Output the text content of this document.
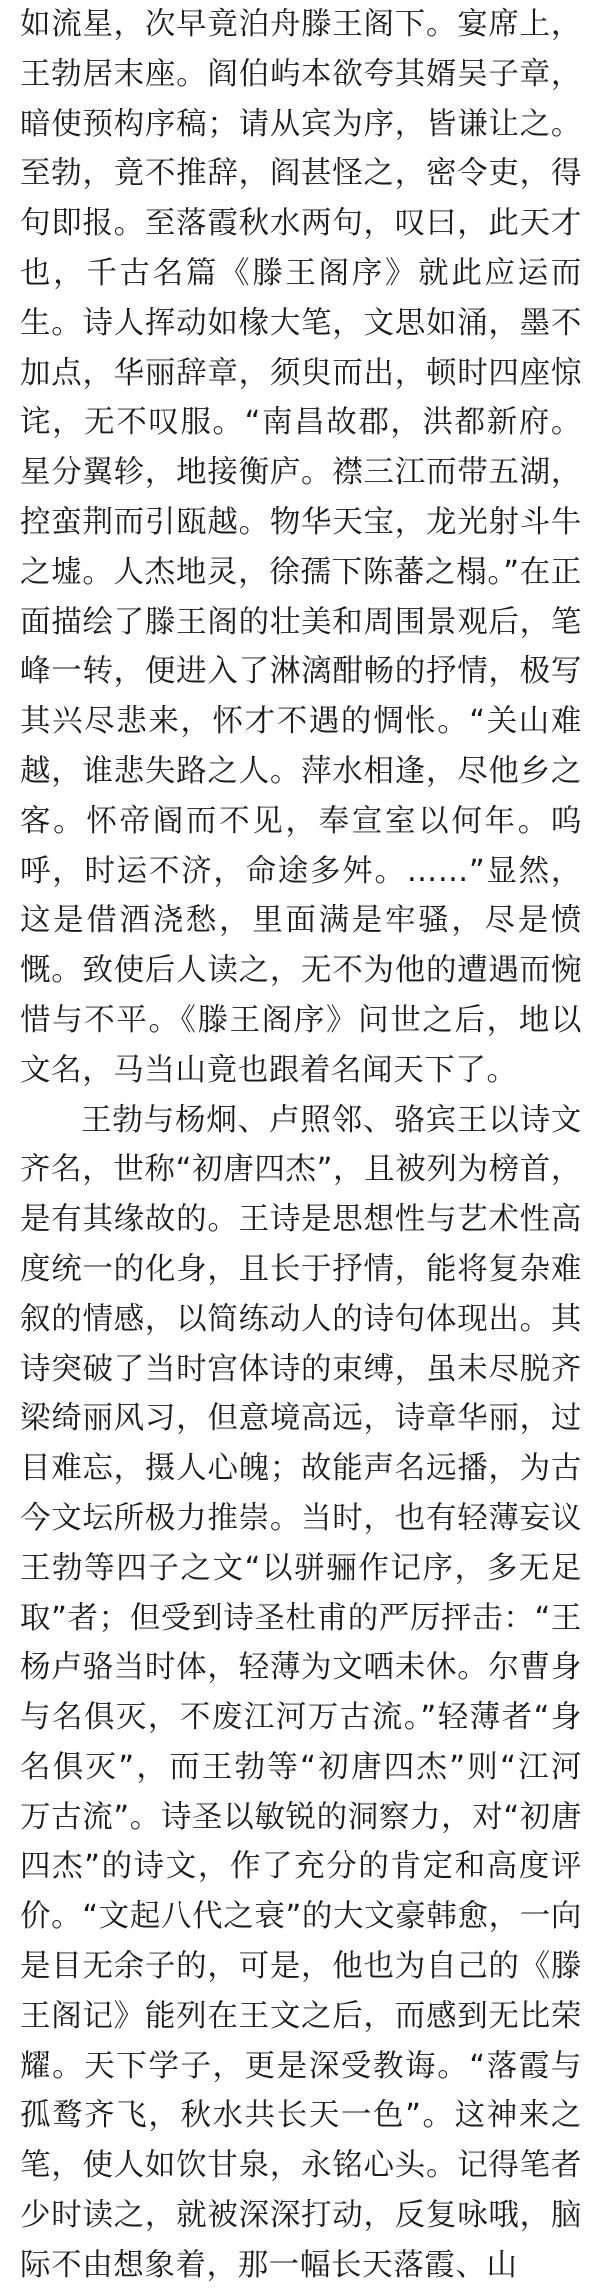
如流星，次早竟泊舟滕王阁下。宴席上，王勃居末座。阎伯屿本欲夸其婿吴子章，暗使预构序稿；请从宾为序，皆谦让之。至勃，竟不推辞，阎甚怪之，密令吏，得句即报。至落霞秋水两句，叹曰，此天才也，千古名篇《滕王阁序》就此应运而生。诗人挥动如椽大笔，文思如涌，墨不加点，华丽辞章，须臾而出，顿时四座惊诧，无不叹服。“南昌故郡，洪都新府。星分翼轸，地接衡庐。襟三江而带五湖，控蛮荆而引瓯越。物华天宝，龙光射斗牛之墟。人杰地灵，徐孺下陈蕃之榻。”在正面描绘了滕王阁的壮美和周围景观后，笔峰一转，便进入了淋漓酣畅的抒情，极写其兴尽悲来，怀才不遇的惆怅。“关山难越，谁悲失路之人。萍水相逢，尽他乡之客。怀帝阍而不见，奉宣室以何年。呜呼，时运不济，命途多舛。……”显然，这是借酒浇愁，里面满是牢骚，尽是愤慨。致使后人读之，无不为他的遭遇而惋惜与不平。《滕王阁序》问世之后，地以文名，马当山竟也跟着名闻天下了。

王勃与杨炯、卢照邻、骆宾王以诗文齐名，世称“初唐四杰”，且被列为榜首，是有其缘故的。王诗是思想性与艺术性高度统一的化身，且长于抒情，能将复杂难叙的情感，以简练动人的诗句体现出。其诗突破了当时宫体诗的束缚，虽未尽脱齐梁绮丽风习，但意境高远，诗章华丽，过目难忘，摄人心魄；故能声名远播，为古今文坛所极力推崇。当时，也有轻薄妄议王勃等四子之文“以骈骊作记序，多无足取”者；但受到诗圣杜甫的严厉抨击：“王杨卢骆当时体，轻薄为文哂未休。尔曹身与名俱灭，不废江河万古流。”轻薄者“身名俱灭”，而王勃等“初唐四杰”则“江河万古流”。诗圣以敏锐的洞察力，对“初唐四杰”的诗文，作了充分的肯定和高度评价。“文起八代之衰”的大文豪韩愈，一向是目无余子的，可是，他也为自己的《滕王阁记》能列在王文之后，而感到无比荣耀。天下学子，更是深受教诲。“落霞与孤鹜齐飞，秋水共长天一色”。这神来之笔，使人如饮甘泉，永铭心头。记得笔者少时读之，就被深深打动，反复咏哦，脑际不由想象着，那一幅长天落霞、山
